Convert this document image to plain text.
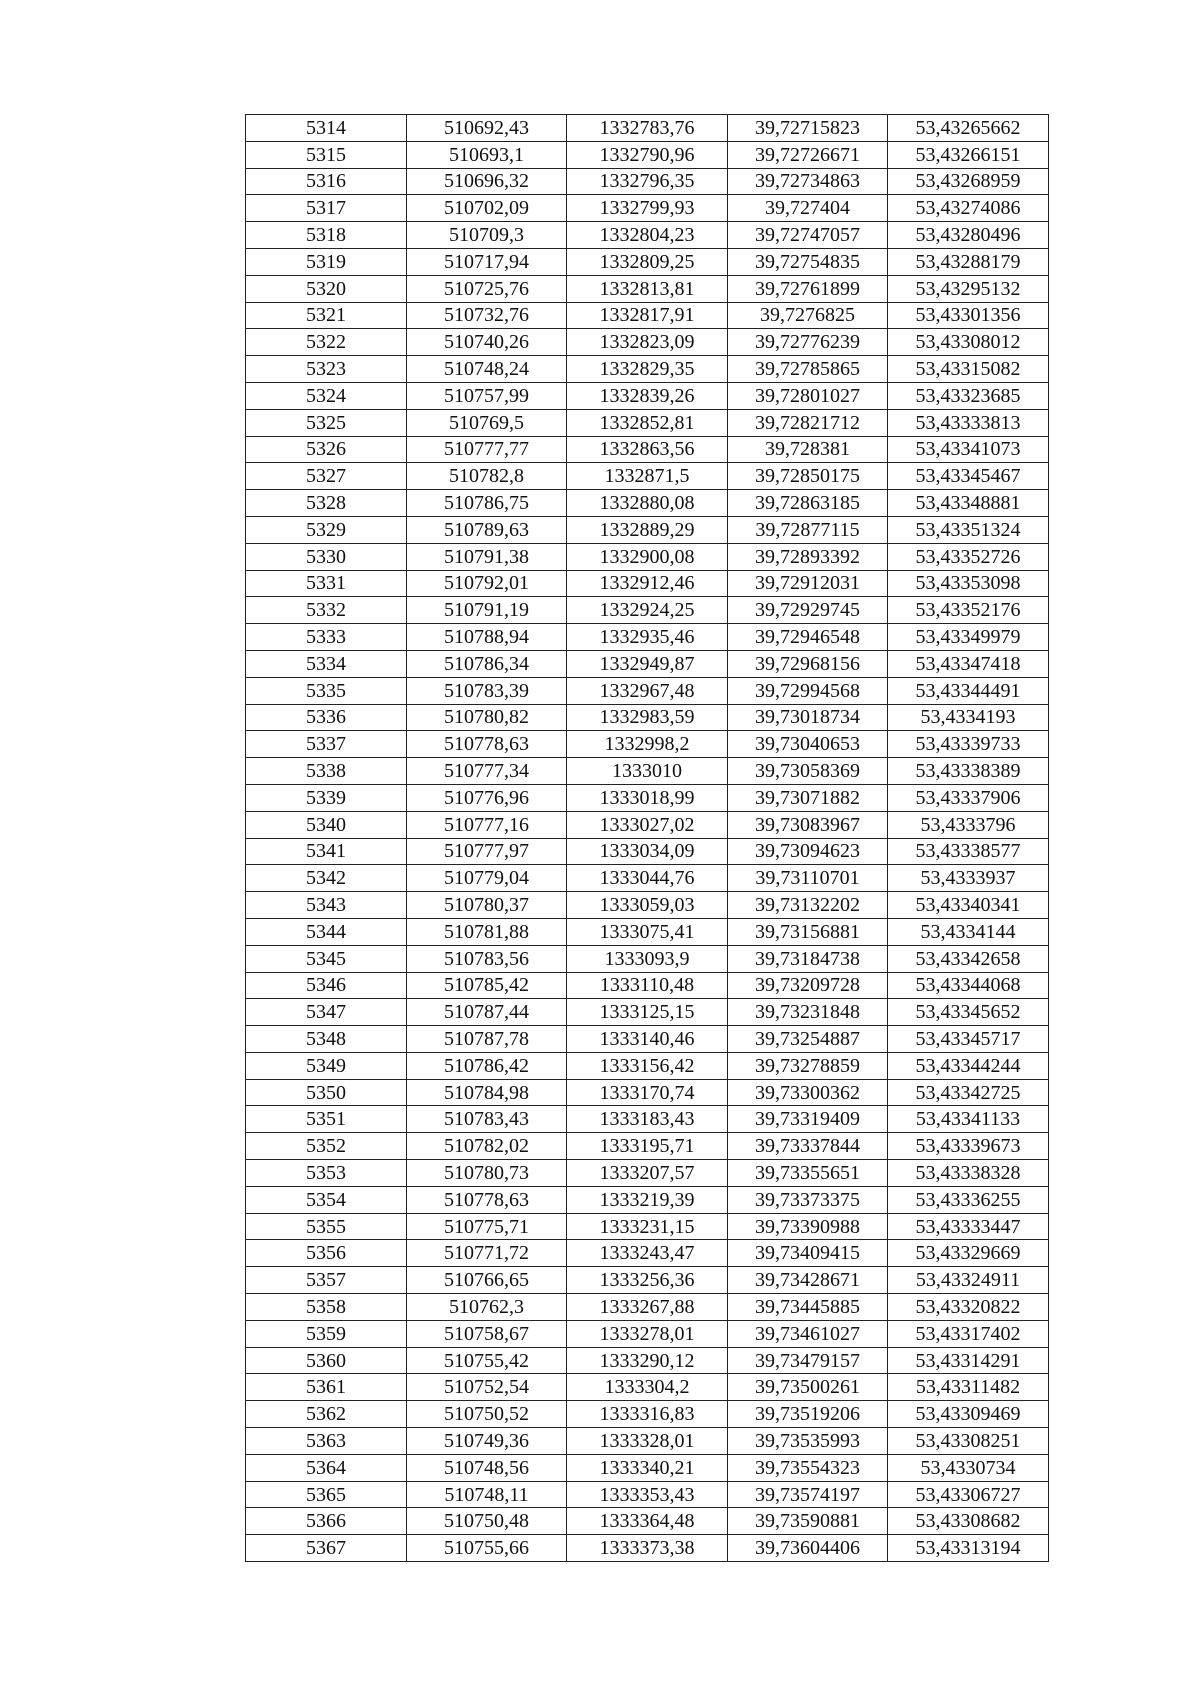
5314	510692,43	1332783,76	39,72715823	53,43265662
5315	510693,1	1332790,96	39,72726671	53,43266151
5316	510696,32	1332796,35	39,72734863	53,43268959
5317	510702,09	1332799,93	39,727404	53,43274086
5318	510709,3	1332804,23	39,72747057	53,43280496
5319	510717,94	1332809,25	39,72754835	53,43288179
5320	510725,76	1332813,81	39,72761899	53,43295132
5321	510732,76	1332817,91	39,7276825	53,43301356
5322	510740,26	1332823,09	39,72776239	53,43308012
5323	510748,24	1332829,35	39,72785865	53,43315082
5324	510757,99	1332839,26	39,72801027	53,43323685
5325	510769,5	1332852,81	39,72821712	53,43333813
5326	510777,77	1332863,56	39,728381	53,43341073
5327	510782,8	1332871,5	39,72850175	53,43345467
5328	510786,75	1332880,08	39,72863185	53,43348881
5329	510789,63	1332889,29	39,72877115	53,43351324
5330	510791,38	1332900,08	39,72893392	53,43352726
5331	510792,01	1332912,46	39,72912031	53,43353098
5332	510791,19	1332924,25	39,72929745	53,43352176
5333	510788,94	1332935,46	39,72946548	53,43349979
5334	510786,34	1332949,87	39,72968156	53,43347418
5335	510783,39	1332967,48	39,72994568	53,43344491
5336	510780,82	1332983,59	39,73018734	53,4334193
5337	510778,63	1332998,2	39,73040653	53,43339733
5338	510777,34	1333010	39,73058369	53,43338389
5339	510776,96	1333018,99	39,73071882	53,43337906
5340	510777,16	1333027,02	39,73083967	53,4333796
5341	510777,97	1333034,09	39,73094623	53,43338577
5342	510779,04	1333044,76	39,73110701	53,4333937
5343	510780,37	1333059,03	39,73132202	53,43340341
5344	510781,88	1333075,41	39,73156881	53,4334144
5345	510783,56	1333093,9	39,73184738	53,43342658
5346	510785,42	1333110,48	39,73209728	53,43344068
5347	510787,44	1333125,15	39,73231848	53,43345652
5348	510787,78	1333140,46	39,73254887	53,43345717
5349	510786,42	1333156,42	39,73278859	53,43344244
5350	510784,98	1333170,74	39,73300362	53,43342725
5351	510783,43	1333183,43	39,73319409	53,43341133
5352	510782,02	1333195,71	39,73337844	53,43339673
5353	510780,73	1333207,57	39,73355651	53,43338328
5354	510778,63	1333219,39	39,73373375	53,43336255
5355	510775,71	1333231,15	39,73390988	53,43333447
5356	510771,72	1333243,47	39,73409415	53,43329669
5357	510766,65	1333256,36	39,73428671	53,43324911
5358	510762,3	1333267,88	39,73445885	53,43320822
5359	510758,67	1333278,01	39,73461027	53,43317402
5360	510755,42	1333290,12	39,73479157	53,43314291
5361	510752,54	1333304,2	39,73500261	53,43311482
5362	510750,52	1333316,83	39,73519206	53,43309469
5363	510749,36	1333328,01	39,73535993	53,43308251
5364	510748,56	1333340,21	39,73554323	53,4330734
5365	510748,11	1333353,43	39,73574197	53,43306727
5366	510750,48	1333364,48	39,73590881	53,43308682
5367	510755,66	1333373,38	39,73604406	53,43313194
